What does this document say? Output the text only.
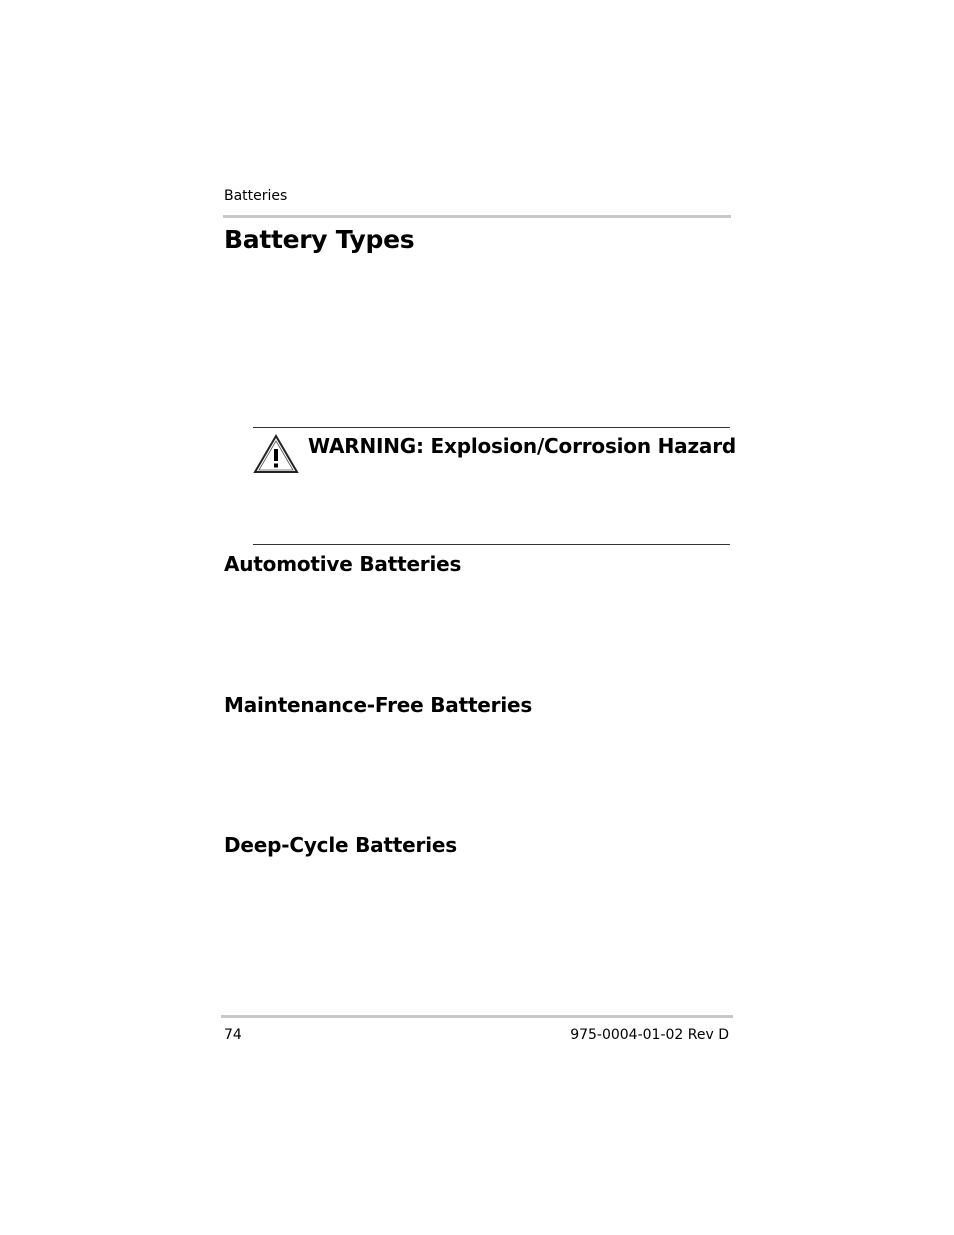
Batteries
Battery Types
WARNING: Explosion/Corrosion Hazard
Automotive Batteries
Maintenance-Free Batteries
Deep-Cycle Batteries
74	975-0004-01-02 Rev D
